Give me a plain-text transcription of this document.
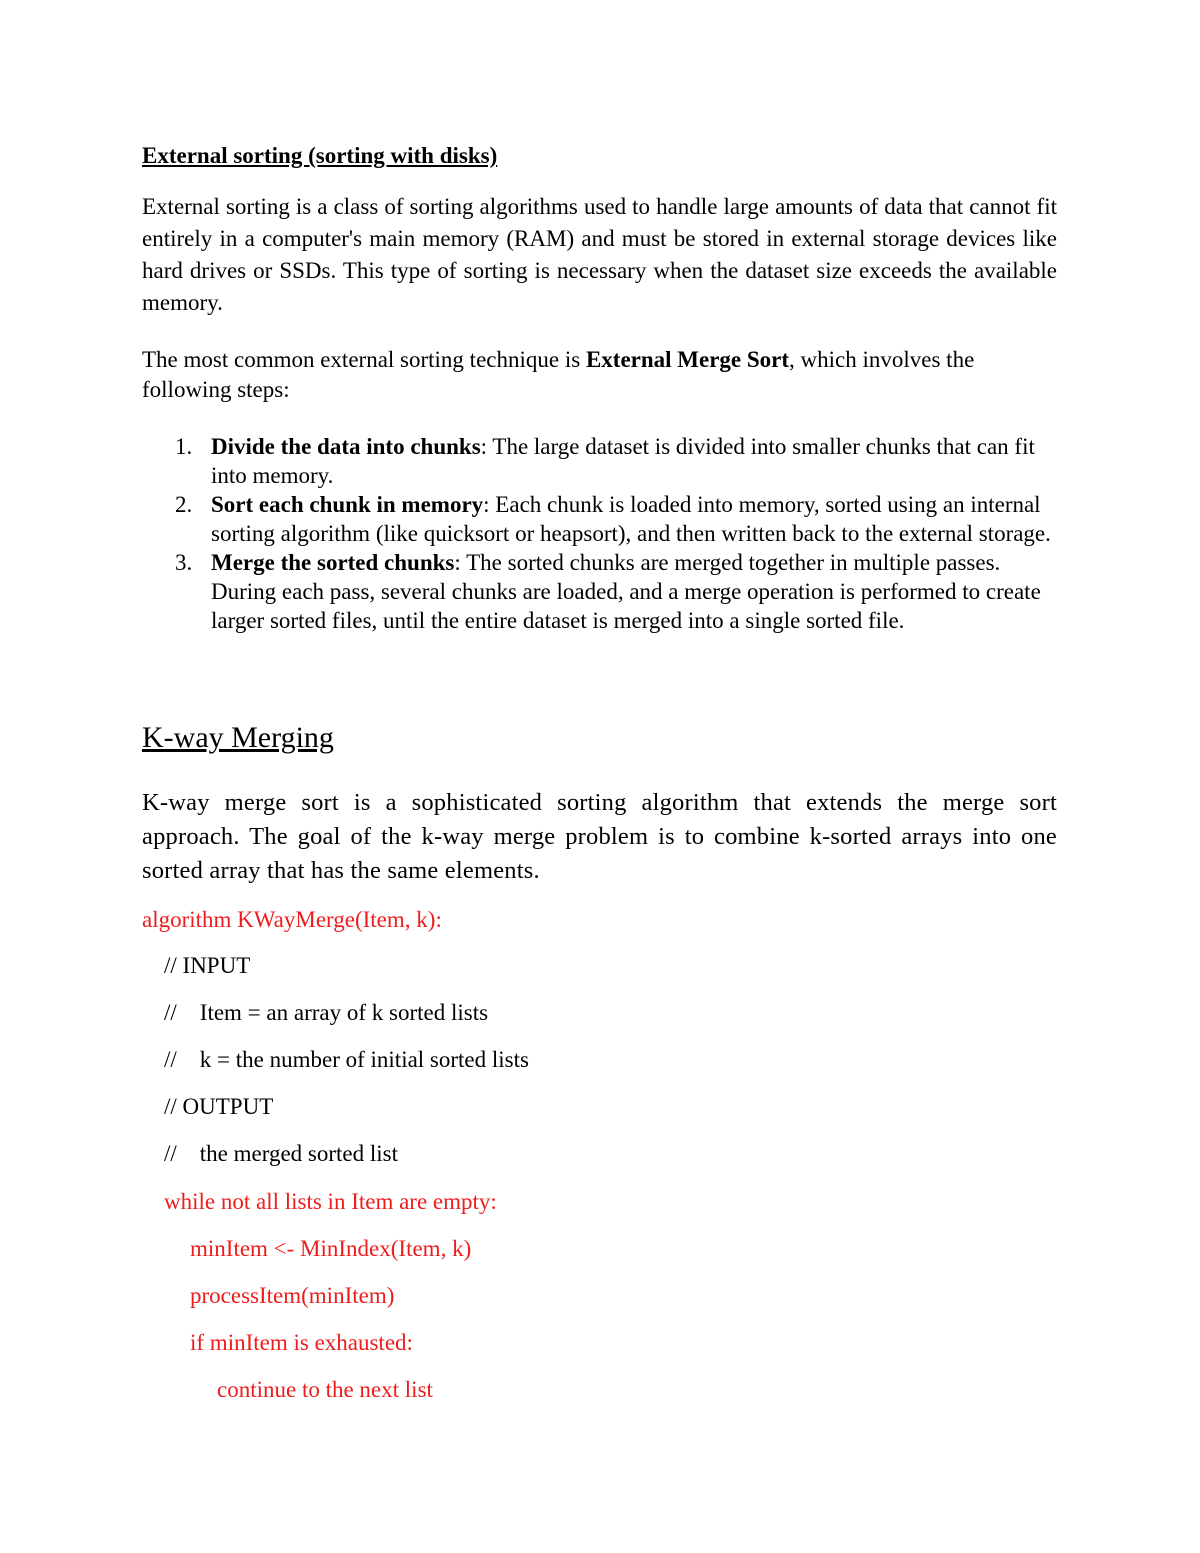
External sorting (sorting with disks)

External sorting is a class of sorting algorithms used to handle large amounts of data that cannot fit entirely in a computer's main memory (RAM) and must be stored in external storage devices like hard drives or SSDs. This type of sorting is necessary when the dataset size exceeds the available memory.

The most common external sorting technique is External Merge Sort, which involves the following steps:

1. Divide the data into chunks: The large dataset is divided into smaller chunks that can fit into memory.
2. Sort each chunk in memory: Each chunk is loaded into memory, sorted using an internal sorting algorithm (like quicksort or heapsort), and then written back to the external storage.
3. Merge the sorted chunks: The sorted chunks are merged together in multiple passes. During each pass, several chunks are loaded, and a merge operation is performed to create larger sorted files, until the entire dataset is merged into a single sorted file.
K-way Merging

K-way merge sort is a sophisticated sorting algorithm that extends the merge sort approach. The goal of the k-way merge problem is to combine k-sorted arrays into one sorted array that has the same elements.

algorithm KWayMerge(Item, k):
// INPUT
//    Item = an array of k sorted lists
//    k = the number of initial sorted lists
// OUTPUT
//    the merged sorted list
while not all lists in Item are empty:
minItem <- MinIndex(Item, k)
processItem(minItem)
if minItem is exhausted:
continue to the next list
